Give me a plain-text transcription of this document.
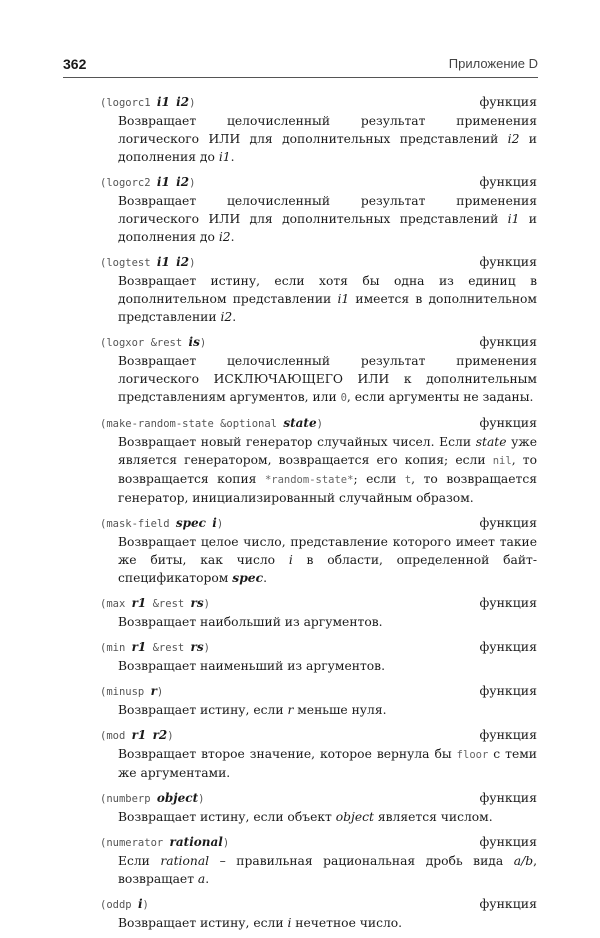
362	Приложение D
(logorc1 i1 i2)	функция
Возвращает целочисленный результат применения логического ИЛИ для дополнительных представлений i2 и дополнения до i1.
(logorc2 i1 i2)	функция
Возвращает целочисленный результат применения логического ИЛИ для дополнительных представлений i1 и дополнения до i2.
(logtest i1 i2)	функция
Возвращает истину, если хотя бы одна из единиц в дополнительном представлении i1 имеется в дополнительном представлении i2.
(logxor &rest is)	функция
Возвращает целочисленный результат применения логического ИСКЛЮЧАЮЩЕГО ИЛИ к дополнительным представлениям аргументов, или 0, если аргументы не заданы.
(make-random-state &optional state)	функция
Возвращает новый генератор случайных чисел. Если state уже является генератором, возвращается его копия; если nil, то возвращается копия *random-state*; если t, то возвращается генератор, инициализированный случайным образом.
(mask-field spec i)	функция
Возвращает целое число, представление которого имеет такие же биты, как число i в области, определенной байт-спецификатором spec.
(max r1 &rest rs)	функция
Возвращает наибольший из аргументов.
(min r1 &rest rs)	функция
Возвращает наименьший из аргументов.
(minusp r)	функция
Возвращает истину, если r меньше нуля.
(mod r1 r2)	функция
Возвращает второе значение, которое вернула бы floor с теми же аргументами.
(numberp object)	функция
Возвращает истину, если объект object является числом.
(numerator rational)	функция
Если rational – правильная рациональная дробь вида a/b, возвращает a.
(oddp i)	функция
Возвращает истину, если i нечетное число.
